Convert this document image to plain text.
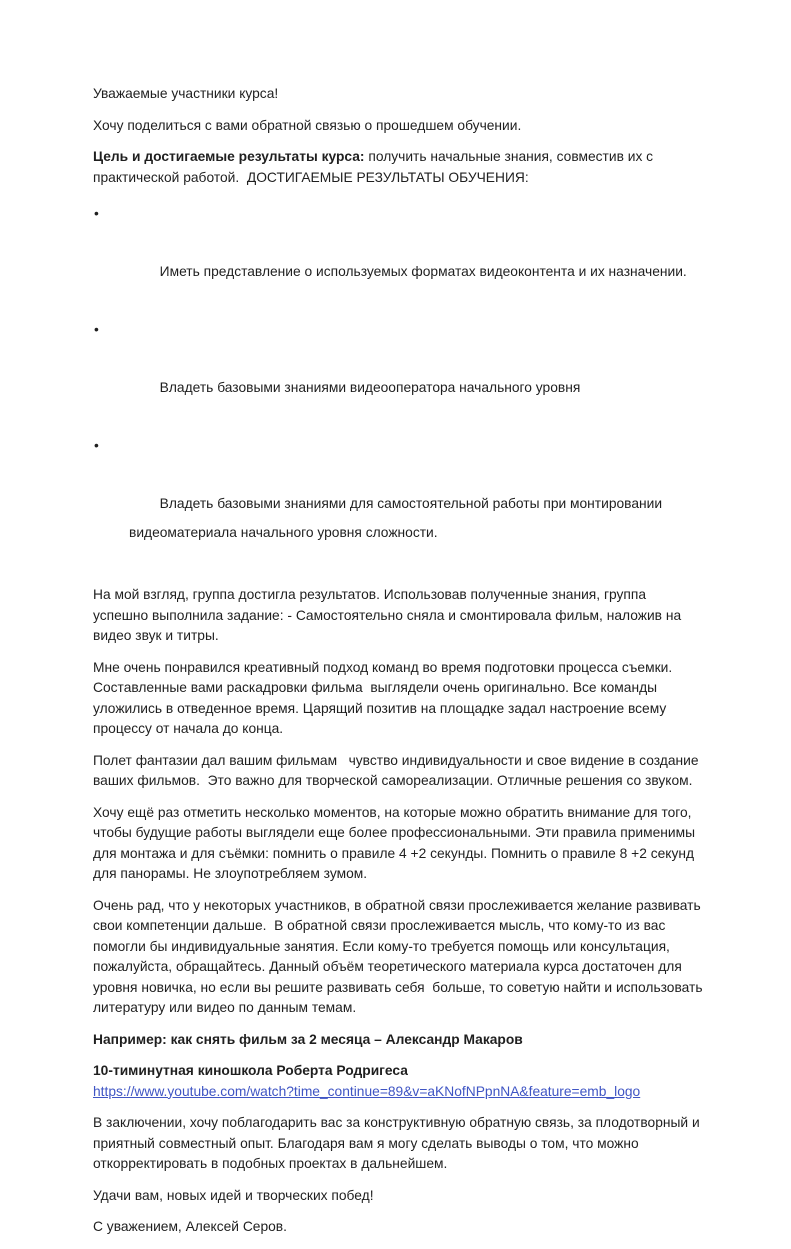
Уважаемые участники курса!

Хочу поделиться с вами обратной связью о прошедшем обучении.

Цель и достигаемые результаты курса: получить начальные знания, совместив их с практической работой.  ДОСТИГАЕМЫЕ РЕЗУЛЬТАТЫ ОБУЧЕНИЯ:

•

Иметь представление о используемых форматах видеоконтента и их назначении.

•

Владеть базовыми знаниями видеооператора начального уровня

•

Владеть базовыми знаниями для самостоятельной работы при монтировании видеоматериала начального уровня сложности.

На мой взгляд, группа достигла результатов. Использовав полученные знания, группа успешно выполнила задание: - Самостоятельно сняла и смонтировала фильм, наложив на видео звук и титры.

Мне очень понравился креативный подход команд во время подготовки процесса съемки. Составленные вами раскадровки фильма  выглядели очень оригинально. Все команды уложились в отведенное время. Царящий позитив на площадке задал настроение всему процессу от начала до конца.

Полет фантазии дал вашим фильмам   чувство индивидуальности и свое видение в создание ваших фильмов.  Это важно для творческой самореализации. Отличные решения со звуком.

Хочу ещё раз отметить несколько моментов, на которые можно обратить внимание для того, чтобы будущие работы выглядели еще более профессиональными. Эти правила применимы для монтажа и для съёмки: помнить о правиле 4 +2 секунды. Помнить о правиле 8 +2 секунд для панорамы. Не злоупотребляем зумом.

Очень рад, что у некоторых участников, в обратной связи прослеживается желание развивать свои компетенции дальше.  В обратной связи прослеживается мысль, что кому-то из вас помогли бы индивидуальные занятия. Если кому-то требуется помощь или консультация, пожалуйста, обращайтесь. Данный объём теоретического материала курса достаточен для уровня новичка, но если вы решите развивать себя  больше, то советую найти и использовать литературу или видео по данным темам.

Например: как снять фильм за 2 месяца – Александр Макаров

10-тиминутная киношкола Роберта Родригеса
https://www.youtube.com/watch?time_continue=89&v=aKNofNPpnNA&feature=emb_logo

В заключении, хочу поблагодарить вас за конструктивную обратную связь, за плодотворный и приятный совместный опыт. Благодаря вам я могу сделать выводы о том, что можно откорректировать в подобных проектах в дальнейшем.

Удачи вам, новых идей и творческих побед!

С уважением, Алексей Серов.
